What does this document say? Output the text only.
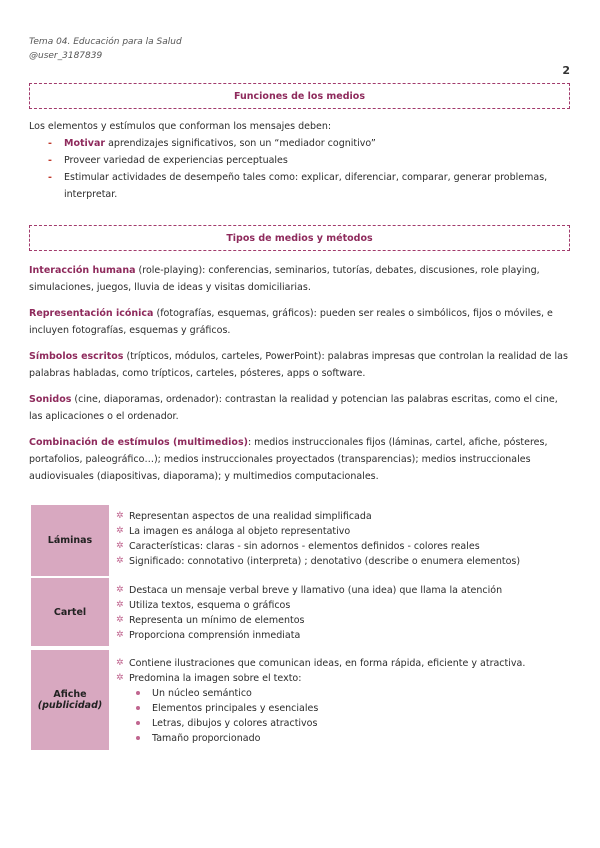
Tema 04. Educación para la Salud
@user_3187839
2
Funciones de los medios
Los elementos y estímulos que conforman los mensajes deben:
- Motivar aprendizajes significativos, son un “mediador cognitivo”
- Proveer variedad de experiencias perceptuales
- Estimular actividades de desempeño tales como: explicar, diferenciar, comparar, generar problemas, interpretar.
Tipos de medios y métodos
Interacción humana (role-playing): conferencias, seminarios, tutorías, debates, discusiones, role playing, simulaciones, juegos, lluvia de ideas y visitas domiciliarias.
Representación icónica (fotografías, esquemas, gráficos): pueden ser reales o simbólicos, fijos o móviles, e incluyen fotografías, esquemas y gráficos.
Símbolos escritos (trípticos, módulos, carteles, PowerPoint): palabras impresas que controlan la realidad de las palabras habladas, como trípticos, carteles, pósteres, apps o software.
Sonidos (cine, diaporamas, ordenador): contrastan la realidad y potencian las palabras escritas, como el cine, las aplicaciones o el ordenador.
Combinación de estímulos (multimedios): medios instruccionales fijos (láminas, cartel, afiche, pósteres, portafolios, paleográfico…); medios instruccionales proyectados (transparencias); medios instruccionales audiovisuales (diapositivas, diaporama); y multimedios computacionales.
Láminas
✲ Representan aspectos de una realidad simplificada
✲ La imagen es análoga al objeto representativo
✲ Características: claras - sin adornos - elementos definidos - colores reales
✲ Significado: connotativo (interpreta) ; denotativo (describe o enumera elementos)
Cartel
✲ Destaca un mensaje verbal breve y llamativo (una idea) que llama la atención
✲ Utiliza textos, esquema o gráficos
✲ Representa un mínimo de elementos
✲ Proporciona comprensión inmediata
Afiche
(publicidad)
✲ Contiene ilustraciones que comunican ideas, en forma rápida, eficiente y atractiva.
✲ Predomina la imagen sobre el texto:
Un núcleo semántico
Elementos principales y esenciales
Letras, dibujos y colores atractivos
Tamaño proporcionado
